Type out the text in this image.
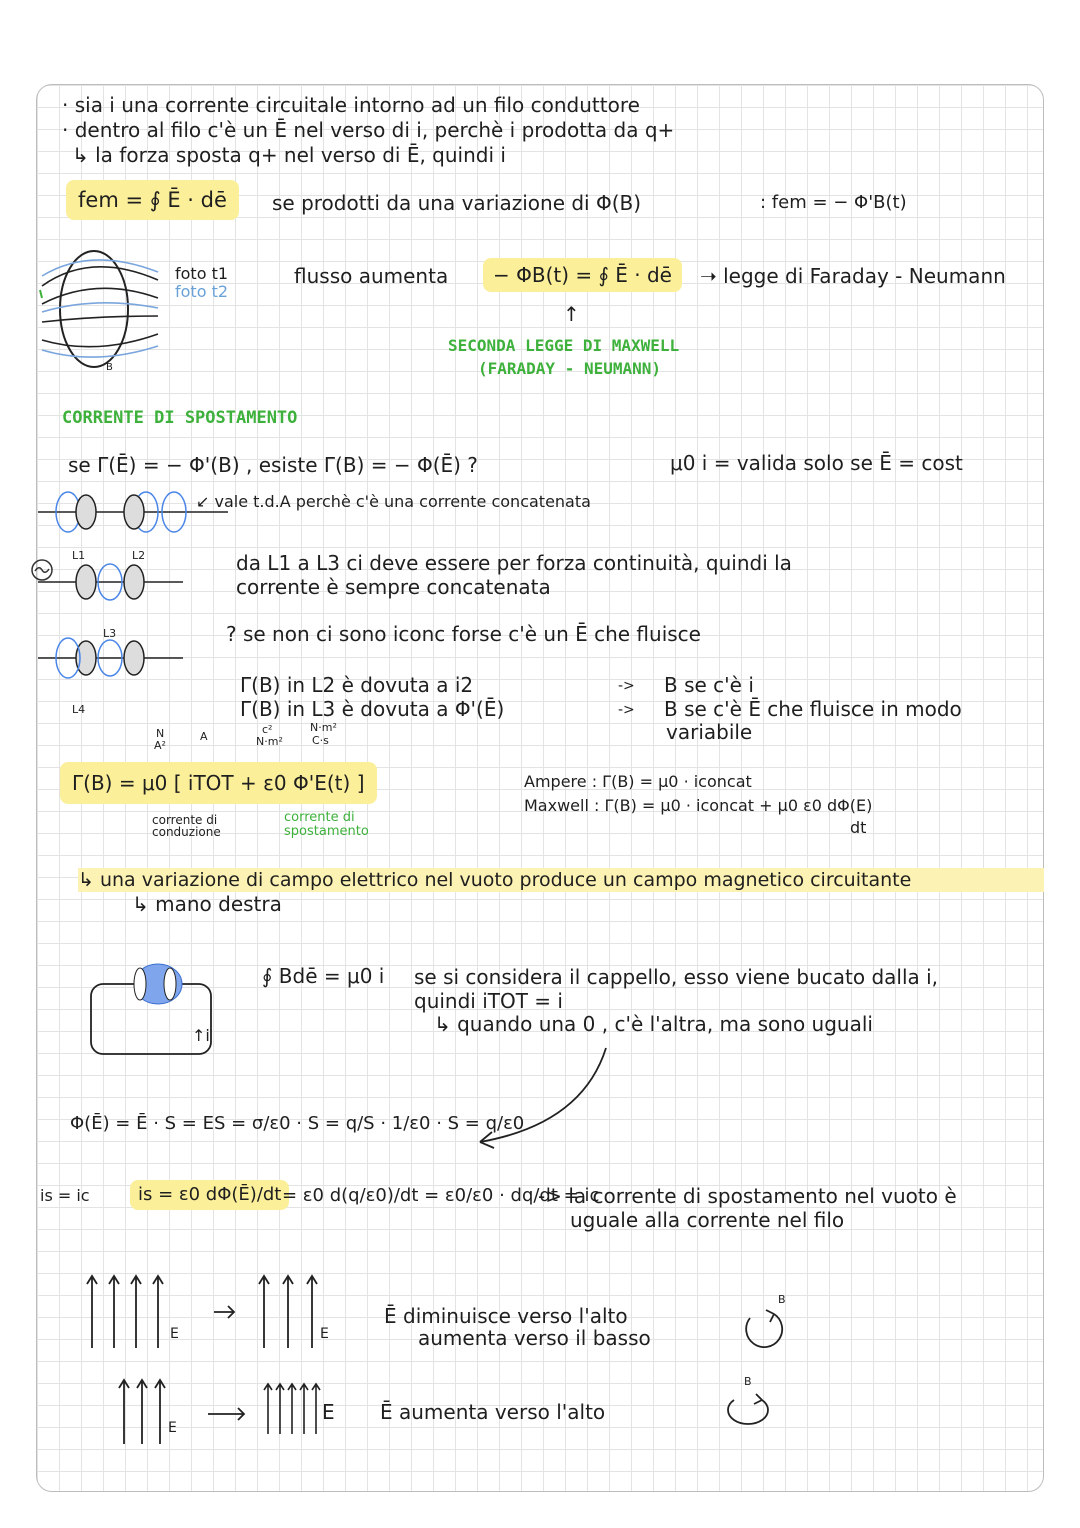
· sia i una corrente circuitale intorno ad un filo conduttore
· dentro al filo c'è un Ē nel verso di i, perchè i prodotta da q+
↳ la forza sposta q+ nel verso di Ē, quindi i
fem = ∮ Ē · dē	se prodotti da una variazione di Φ(B)	: fem = − Φ'B(t)
B
foto t1
foto t2
flusso aumenta	− ΦB(t) = ∮ Ē · dē	➝ legge di Faraday - Neumann
↑
SECONDA LEGGE DI MAXWELL
(FARADAY - NEUMANN)
CORRENTE DI SPOSTAMENTO
se Γ(Ē) = − Φ'(B) , esiste Γ(B) = − Φ(Ē) ?	μ0 i = valida solo se Ē = cost
L1	L2
L3
L4
↙ vale t.d.A perchè c'è una corrente concatenata
da L1 a L3 ci deve essere per forza continuità, quindi la
corrente è sempre concatenata
? se non ci sono iconc forse c'è un Ē che fluisce
Γ(B) in L2 è dovuta a i2
Γ(B) in L3 è dovuta a Φ'(Ē)
->
->
B se c'è i
B se c'è Ē che fluisce in modo
variabile
N
A²
A
c²
N·m²
N·m²
C·s
Γ(B) = μ0 [ iTOT + ε0 Φ'E(t) ]
corrente di
conduzione
corrente di
spostamento
Ampere : Γ(B) = μ0 · iconcat
Maxwell : Γ(B) = μ0 · iconcat + μ0 ε0 dΦ(E)
dt
↳ una variazione di campo elettrico nel vuoto produce un campo magnetico circuitante
↳ mano destra
↑i
∮ Bdē = μ0 i se si considera il cappello, esso viene bucato dalla i,
quindi iTOT = i
↳ quando una 0 , c'è l'altra, ma sono uguali
Φ(Ē) = Ē · S = ES = σ/ε0 · S = q/S · 1/ε0 · S = q/ε0
is = ic	is = ε0 dΦ(Ē)/dt = ε0 d(q/ε0)/dt = ε0/ε0 · dq/dt = ic
-> la corrente di spostamento nel vuoto è
uguale alla corrente nel filo
E	E
E
Ē diminuisce verso l'alto
aumenta verso il basso
E Ē aumenta verso l'alto
B
B
